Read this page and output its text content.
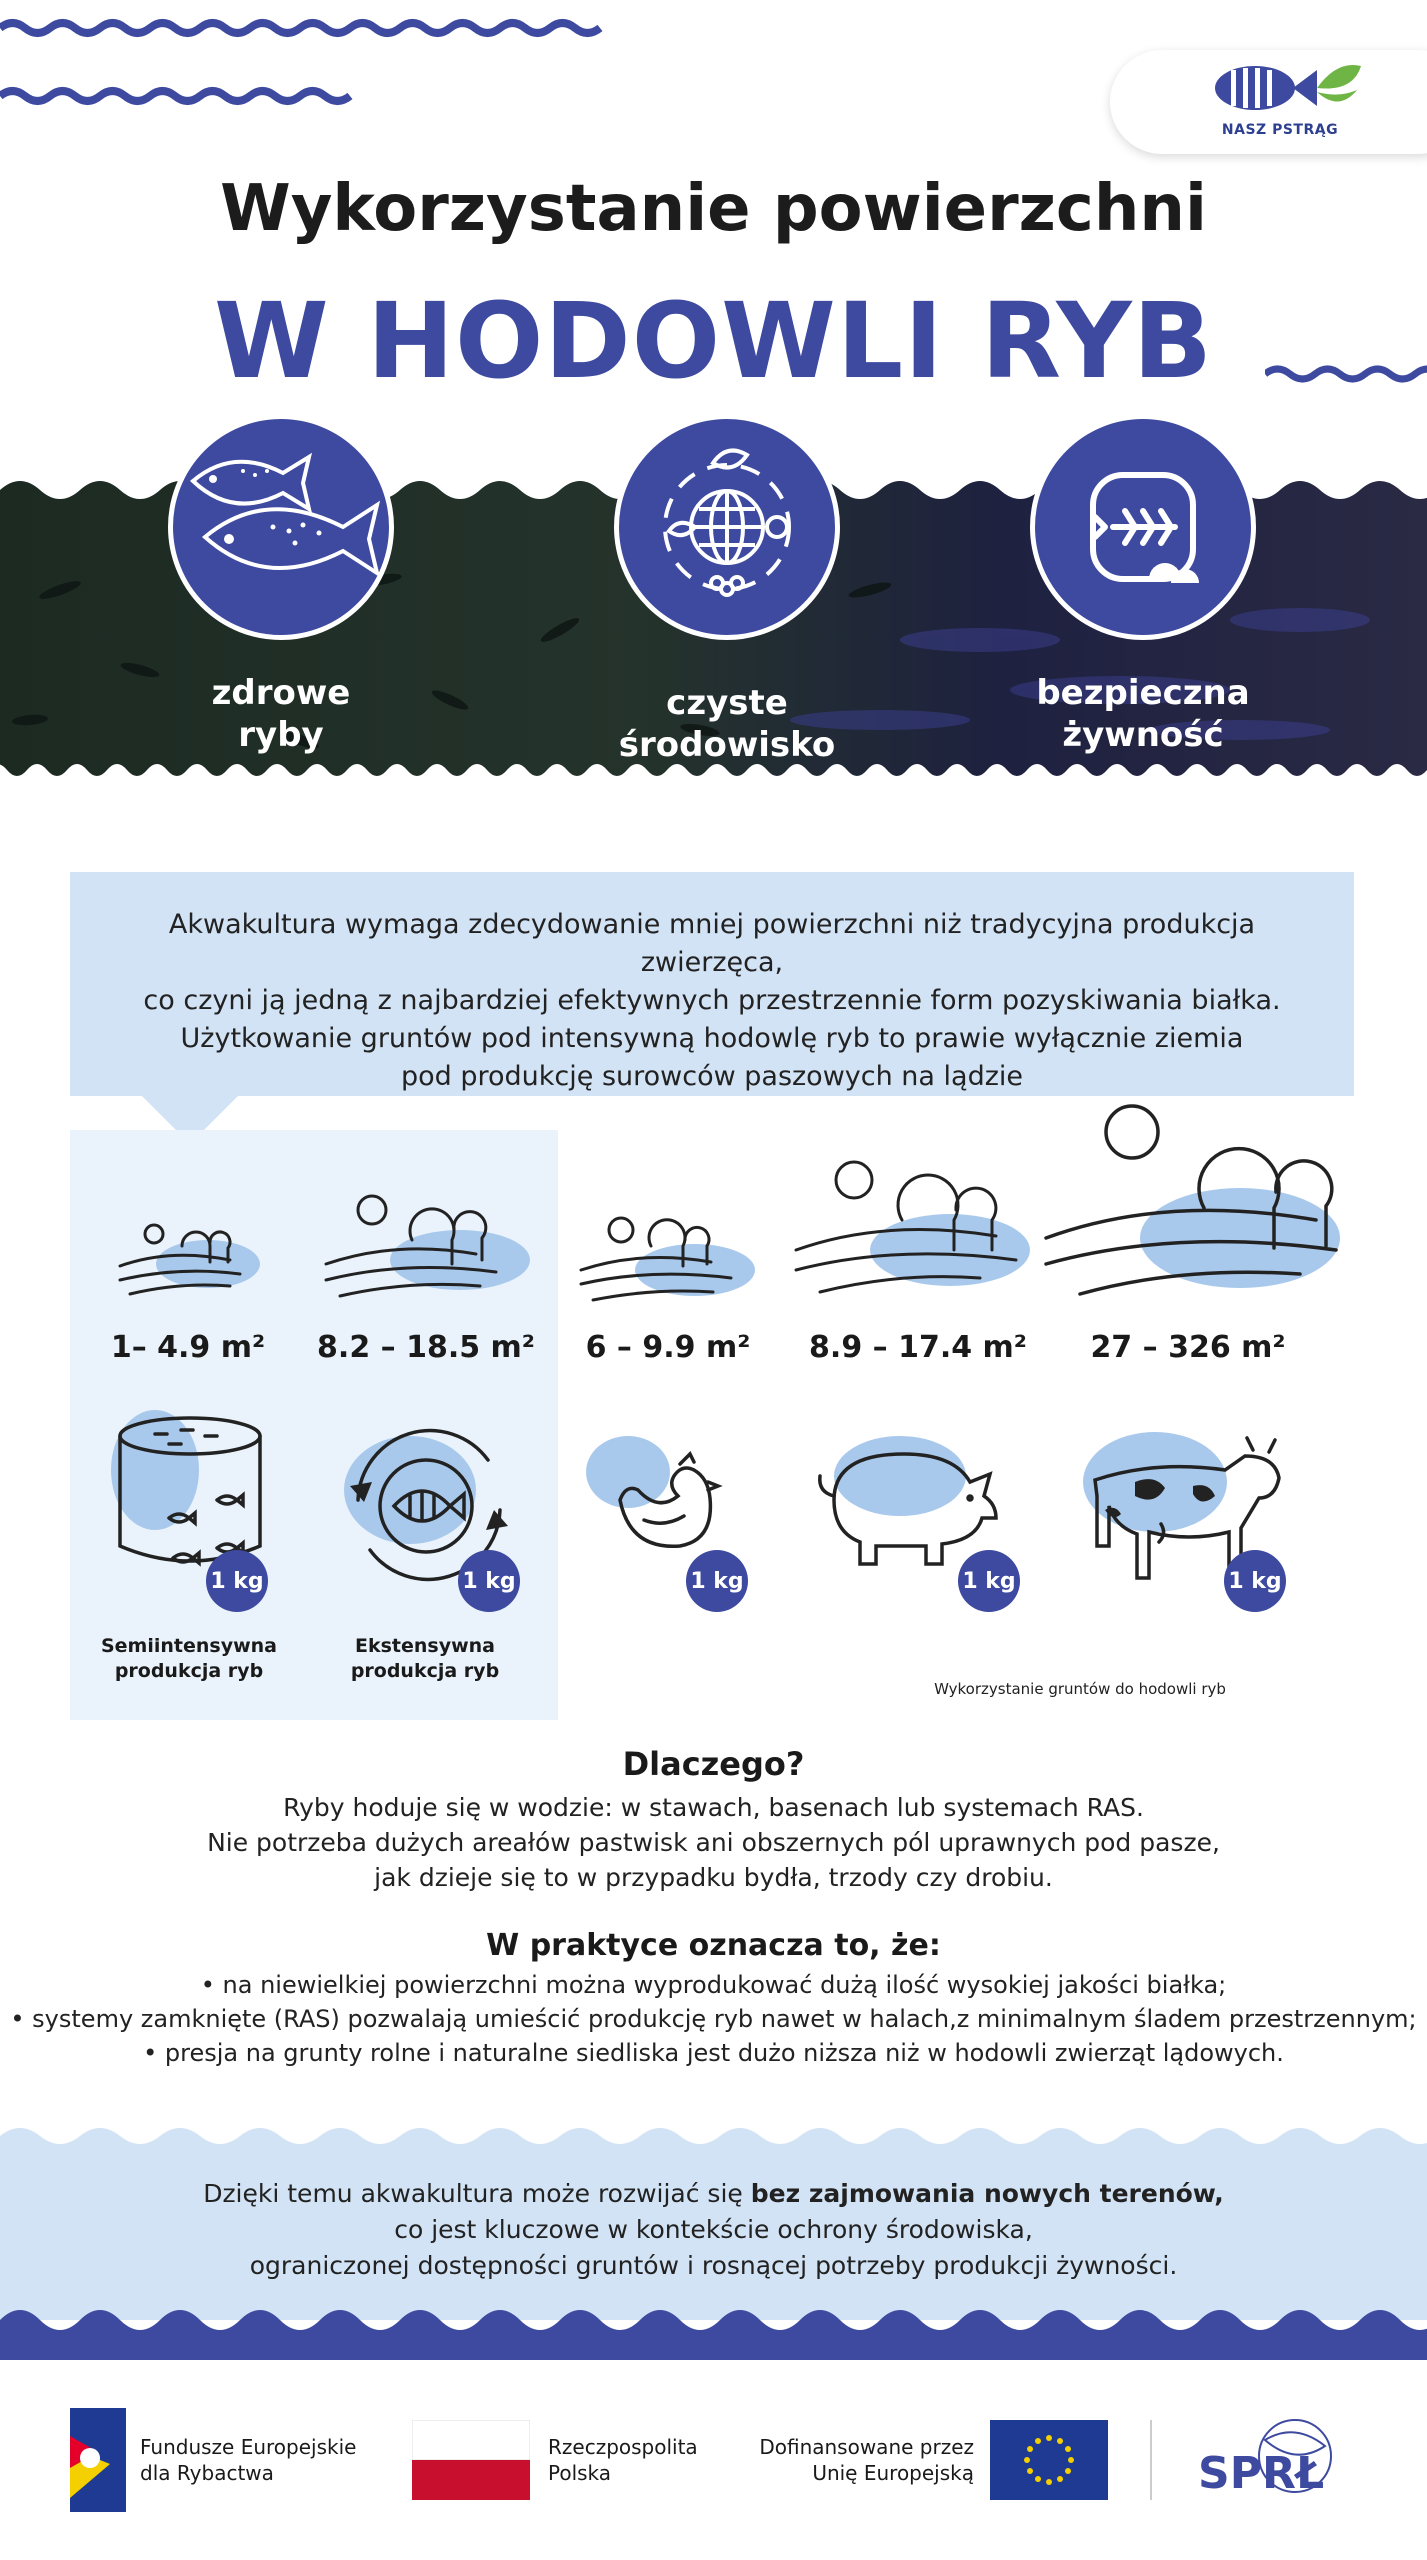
NASZ PSTRĄG
Wykorzystanie powierzchni
W HODOWLI RYB
zdrowe
ryby
czyste
środowisko
bezpieczna
żywność
Akwakultura wymaga zdecydowanie mniej powierzchni niż tradycyjna produkcja zwierzęca,
co czyni ją jedną z najbardziej efektywnych przestrzennie form pozyskiwania białka.
Użytkowanie gruntów pod intensywną hodowlę ryb to prawie wyłącznie ziemia
pod produkcję surowców paszowych na lądzie
1– 4.9 m²	8.2 – 18.5 m²	6 – 9.9 m²	8.9 – 17.4 m²	27 – 326 m²
1 kg	1 kg	1 kg	1 kg	1 kg
Semiintensywna
produkcja ryb
Ekstensywna
produkcja ryb
Wykorzystanie gruntów do hodowli ryb
Dlaczego?
Ryby hoduje się w wodzie: w stawach, basenach lub systemach RAS.
Nie potrzeba dużych areałów pastwisk ani obszernych pól uprawnych pod pasze,
jak dzieje się to w przypadku bydła, trzody czy drobiu.
W praktyce oznacza to, że:
• na niewielkiej powierzchni można wyprodukować dużą ilość wysokiej jakości białka;
• systemy zamknięte (RAS) pozwalają umieścić produkcję ryb nawet w halach,z minimalnym śladem przestrzennym;
• presja na grunty rolne i naturalne siedliska jest dużo niższa niż w hodowli zwierząt lądowych.
Dzięki temu akwakultura może rozwijać się bez zajmowania nowych terenów,
co jest kluczowe w kontekście ochrony środowiska,
ograniczonej dostępności gruntów i rosnącej potrzeby produkcji żywności.
Fundusze Europejskie
dla Rybactwa
Rzeczpospolita
Polska
Dofinansowane przez
Unię Europejską	SPRŁ
